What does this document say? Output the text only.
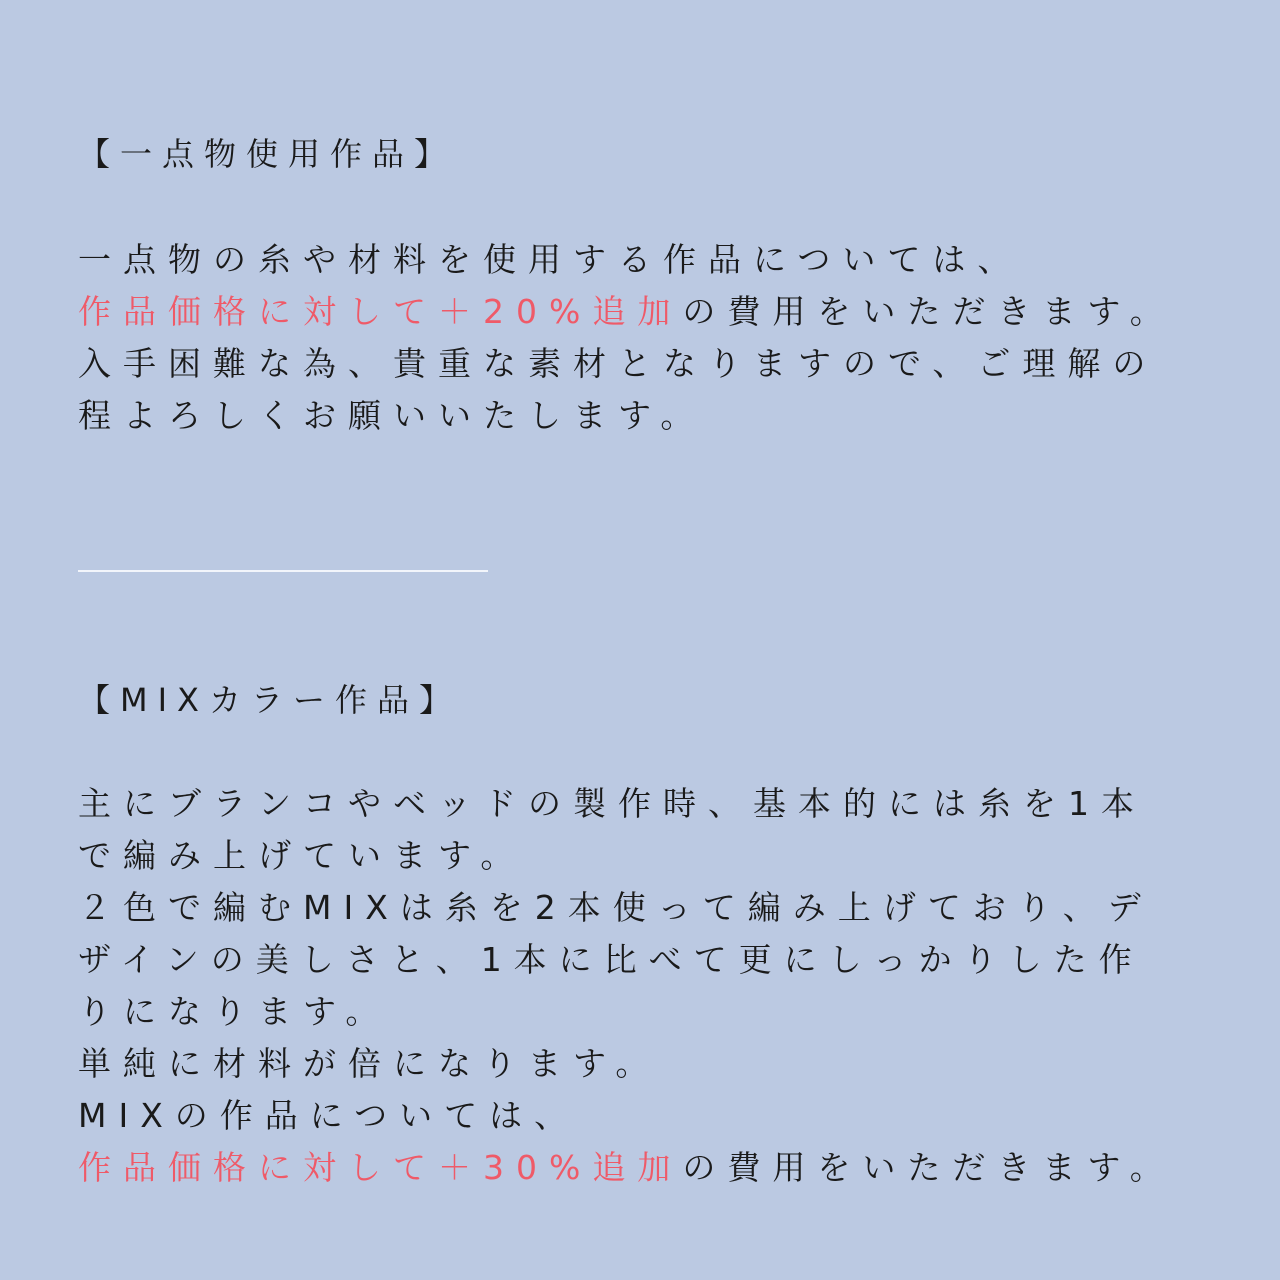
【一点物使用作品】

一点物の糸や材料を使用する作品については、
作品価格に対して＋20%追加の費用をいただきます。
入手困難な為、貴重な素材となりますので、ご理解の
程よろしくお願いいたします。

【MIXカラー作品】

主にブランコやベッドの製作時、基本的には糸を1本
で編み上げています。
２色で編むMIXは糸を2本使って編み上げており、デ
ザインの美しさと、1本に比べて更にしっかりした作
りになります。
単純に材料が倍になります。
MIXの作品については、
作品価格に対して＋30%追加の費用をいただきます。
